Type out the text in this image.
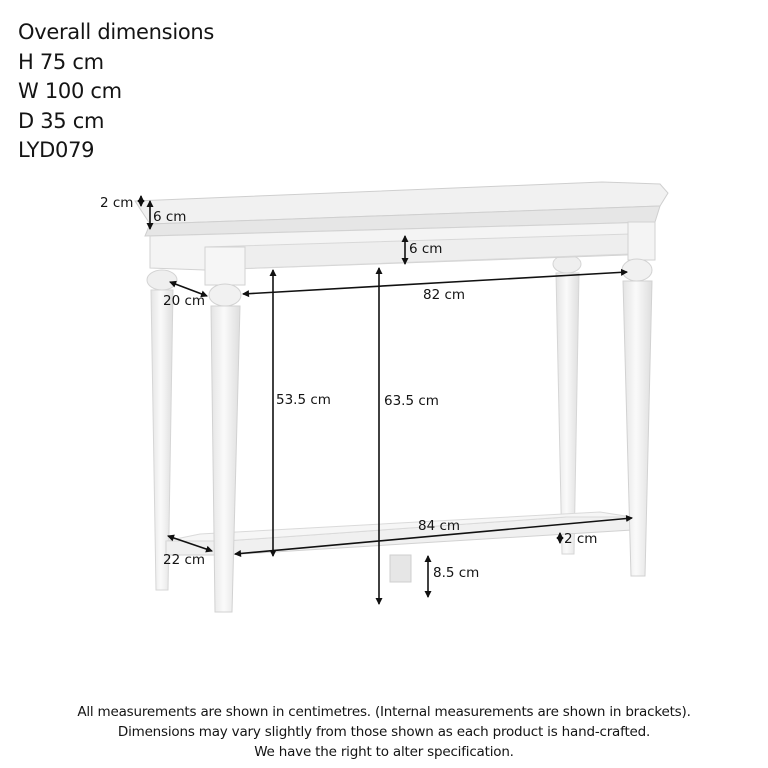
Overall dimensions
H 75 cm
W 100 cm
D 35 cm
LYD079
2 cm
6 cm
6 cm
20 cm	82 cm
53.5 cm	63.5 cm
84 cm
22 cm
2 cm
8.5 cm
All measurements are shown in centimetres. (Internal measurements are shown in brackets).
Dimensions may vary slightly from those shown as each product is hand-crafted.
We have the right to alter specification.
